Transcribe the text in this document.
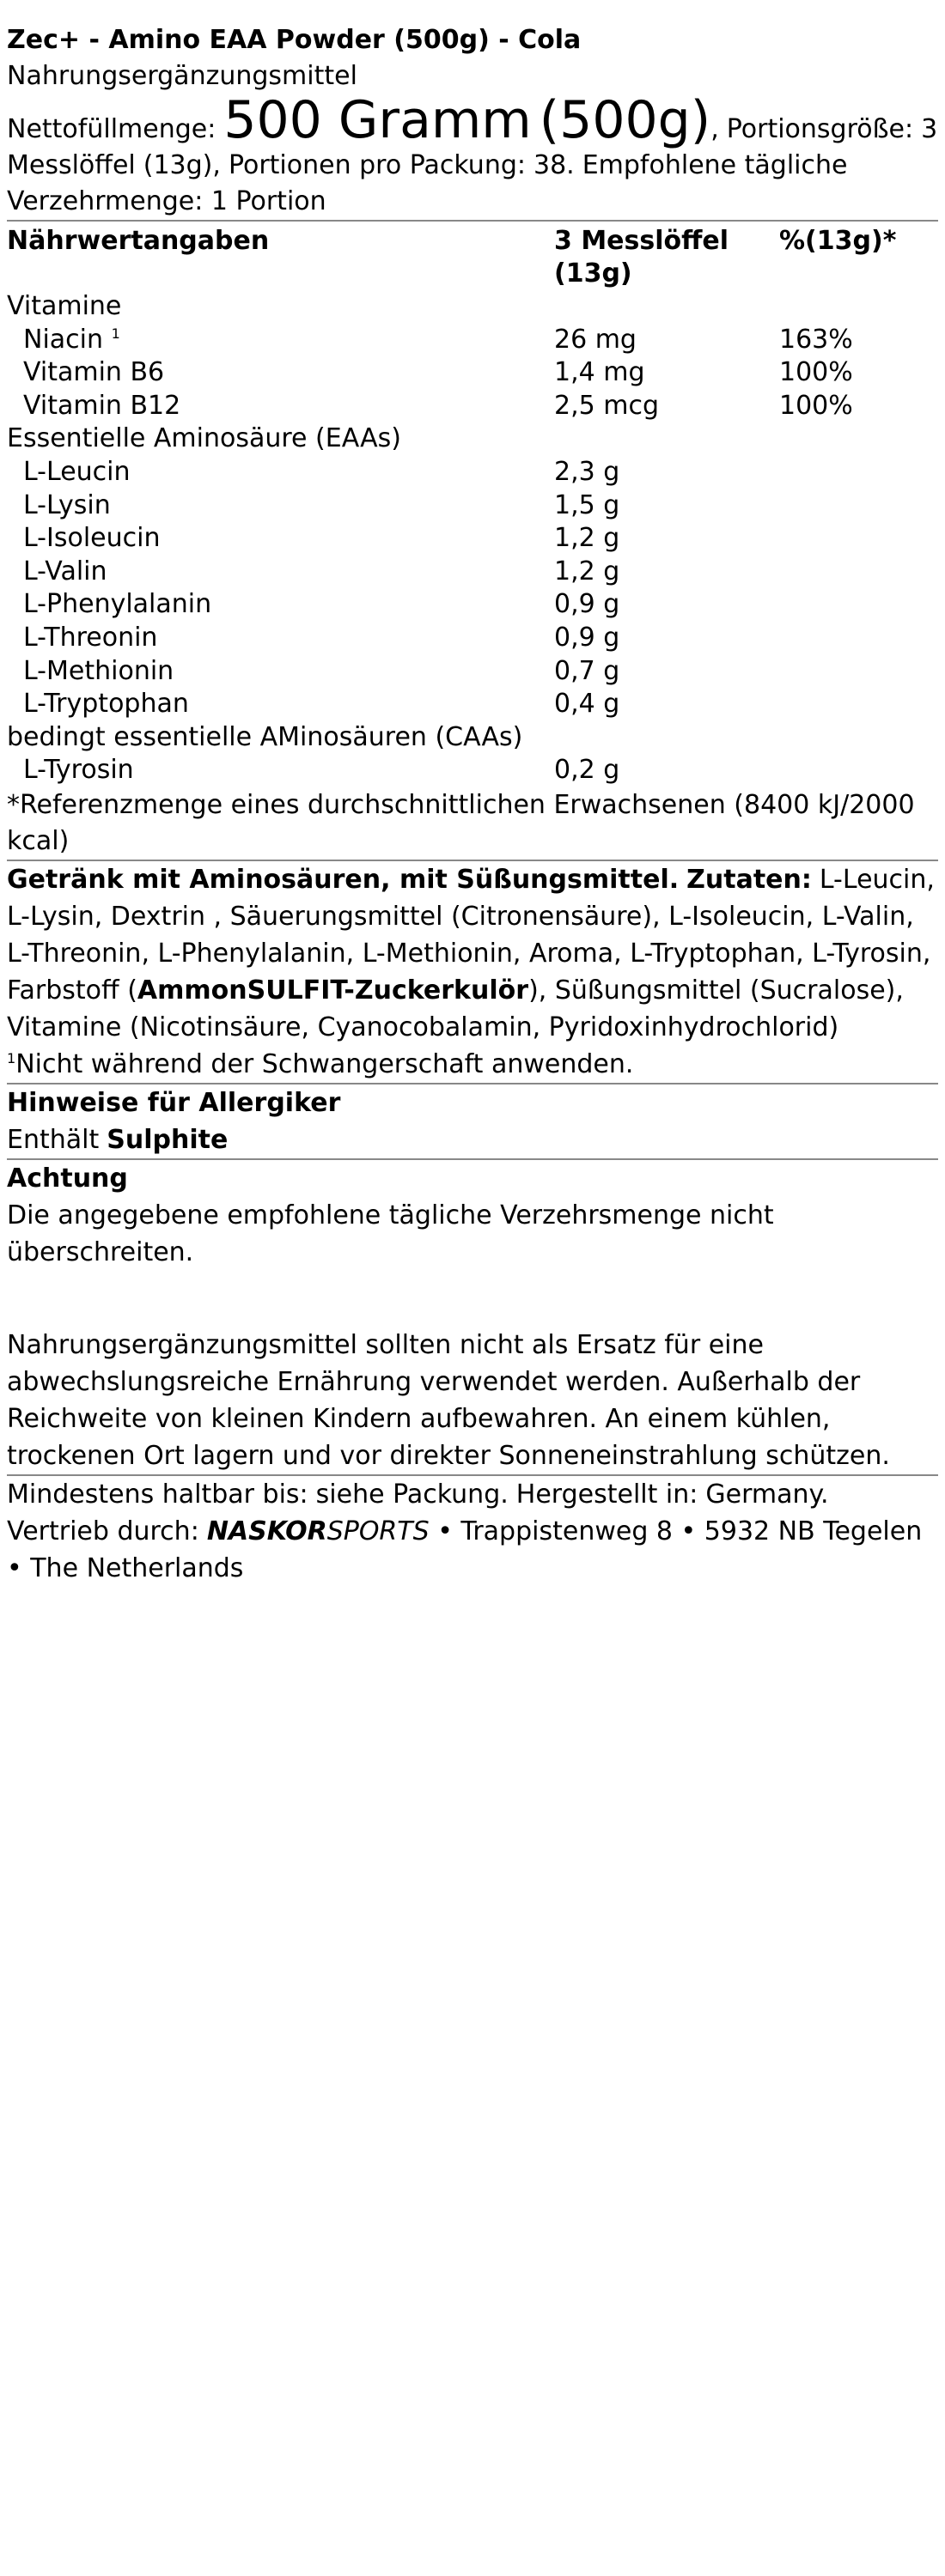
Zec+ - Amino EAA Powder (500g) - Cola
Nahrungsergänzungsmittel
Nettofüllmenge: 500 Gramm (500g), Portionsgröße: 3 Messlöffel (13g), Portionen pro Packung: 38. Empfohlene tägliche Verzehrmenge: 1 Portion
Nährwertangaben	3 Messlöffel (13g)	%(13g)*
Vitamine		
Niacin $^1$	26 mg	163%
Vitamin B6	1,4 mg	100%
Vitamin B12	2,5 mcg	100%
Essentielle Aminosäure (EAAs)		
L-Leucin	2,3 g	
L-Lysin	1,5 g	
L-Isoleucin	1,2 g	
L-Valin	1,2 g	
L-Phenylalanin	0,9 g	
L-Threonin	0,9 g	
L-Methionin	0,7 g	
L-Tryptophan	0,4 g	
bedingt essentielle AMinosäuren (CAAs)		
L-Tyrosin	0,2 g	
*Referenzmenge eines durchschnittlichen Erwachsenen (8400 kJ/2000 kcal)
Getränk mit Aminosäuren, mit Süßungsmittel. Zutaten: L-Leucin, L-Lysin, Dextrin , Säuerungsmittel (Citronensäure), L-Isoleucin, L-Valin, L-Threonin, L-Phenylalanin, L-Methionin, Aroma, L-Tryptophan, L-Tyrosin, Farbstoff (AmmonSULFIT-Zuckerkulör), Süßungsmittel (Sucralose), Vitamine (Nicotinsäure, Cyanocobalamin, Pyridoxinhydrochlorid)
$^1$Nicht während der Schwangerschaft anwenden.
Hinweise für Allergiker
Enthält Sulphite
Achtung
Die angegebene empfohlene tägliche Verzehrsmenge nicht überschreiten.
Nahrungsergänzungsmittel sollten nicht als Ersatz für eine abwechslungsreiche Ernährung verwendet werden. Außerhalb der Reichweite von kleinen Kindern aufbewahren. An einem kühlen, trockenen Ort lagern und vor direkter Sonneneinstrahlung schützen.
Mindestens haltbar bis: siehe Packung. Hergestellt in: Germany.Vertrieb durch: NASKORSPORTS • Trappistenweg 8 • 5932 NB Tegelen • The Netherlands
